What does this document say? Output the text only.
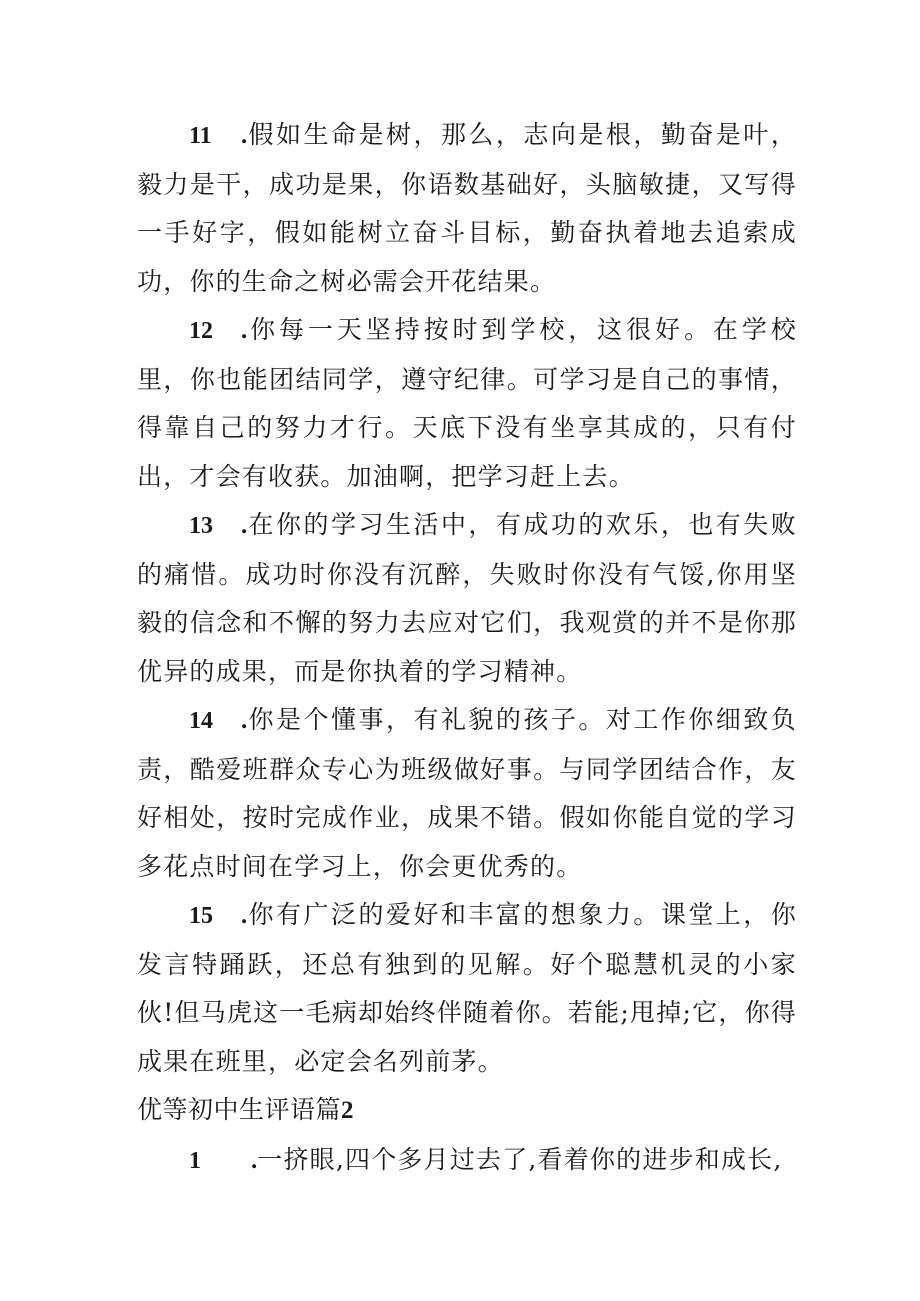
11 .假如生命是树，那么，志向是根，勤奋是叶，毅力是干，成功是果，你语数基础好，头脑敏捷，又写得一手好字，假如能树立奋斗目标，勤奋执着地去追索成功，你的生命之树必需会开花结果。

12 .你每一天坚持按时到学校，这很好。在学校里，你也能团结同学，遵守纪律。可学习是自己的事情，得靠自己的努力才行。天底下没有坐享其成的，只有付出，才会有收获。加油啊，把学习赶上去。

13 .在你的学习生活中，有成功的欢乐，也有失败的痛惜。成功时你没有沉醉，失败时你没有气馁,你用坚毅的信念和不懈的努力去应对它们，我观赏的并不是你那优异的成果，而是你执着的学习精神。

14 .你是个懂事，有礼貌的孩子。对工作你细致负责，酷爱班群众专心为班级做好事。与同学团结合作，友好相处，按时完成作业，成果不错。假如你能自觉的学习多花点时间在学习上，你会更优秀的。

15 .你有广泛的爱好和丰富的想象力。课堂上，你发言特踊跃，还总有独到的见解。好个聪慧机灵的小家伙!但马虎这一毛病却始终伴随着你。若能;甩掉;它，你得成果在班里，必定会名列前茅。

优等初中生评语篇2

1 .一挤眼,四个多月过去了,看着你的进步和成长,
